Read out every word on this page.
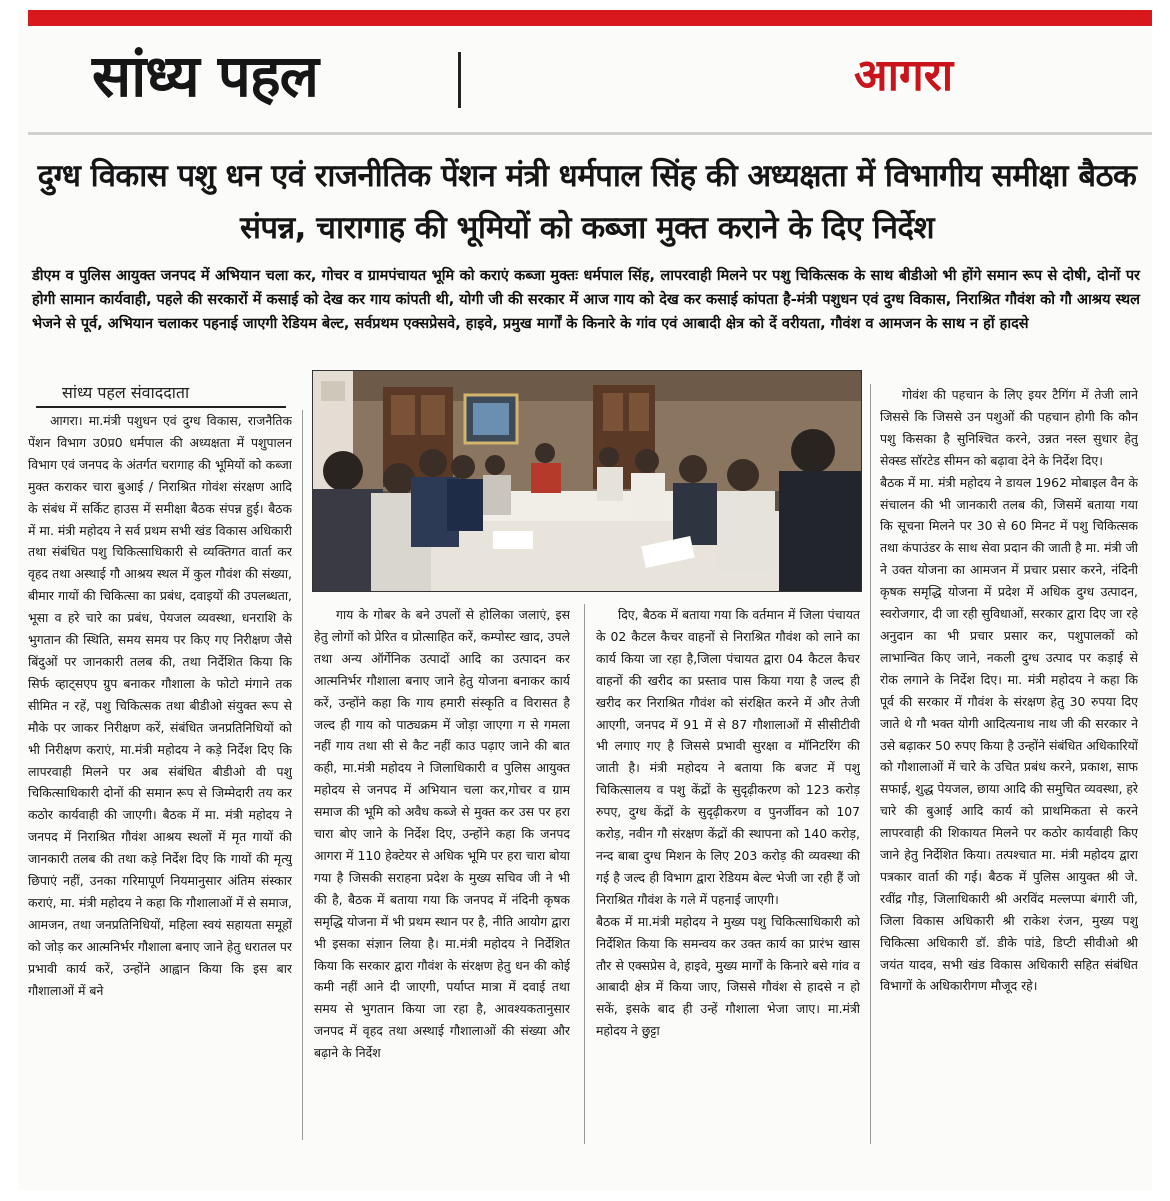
सांध्य पहल	आगरा
दुग्ध विकास पशु धन एवं राजनीतिक पेंशन मंत्री धर्मपाल सिंह की अध्यक्षता में विभागीय समीक्षा बैठक संपन्न, चारागाह की भूमियों को कब्जा मुक्त कराने के दिए निर्देश
डीएम व पुलिस आयुक्त जनपद में अभियान चला कर, गोचर व ग्रामपंचायत भूमि को कराएं कब्जा मुक्तः धर्मपाल सिंह, लापरवाही मिलने पर पशु चिकित्सक के साथ बीडीओ भी होंगे समान रूप से दोषी, दोनों पर होगी सामान कार्यवाही, पहले की सरकारों में कसाई को देख कर गाय कांपती थी, योगी जी की सरकार में आज गाय को देख कर कसाई कांपता है-मंत्री पशुधन एवं दुग्ध विकास, निराश्रित गौवंश को गौ आश्रय स्थल भेजने से पूर्व, अभियान चलाकर पहनाई जाएगी रेडियम बेल्ट, सर्वप्रथम एक्सप्रेसवे, हाइवे, प्रमुख मार्गों के किनारे के गांव एवं आबादी क्षेत्र को दें वरीयता, गौवंश व आमजन के साथ न हों हादसे
सांध्य पहल संवाददाता

आगरा। मा.मंत्री पशुधन एवं दुग्ध विकास, राजनैतिक पेंशन विभाग उ0प्र0 धर्मपाल की अध्यक्षता में पशुपालन विभाग एवं जनपद के अंतर्गत चरागाह की भूमियों को कब्जा मुक्त कराकर चारा बुआई / निराश्रित गोवंश संरक्षण आदि के संबंध में सर्किट हाउस में समीक्षा बैठक संपन्न हुई। बैठक में मा. मंत्री महोदय ने सर्व प्रथम सभी खंड विकास अधिकारी तथा संबंधित पशु चिकित्साधिकारी से व्यक्तिगत वार्ता कर वृहद तथा अस्थाई गौ आश्रय स्थल में कुल गौवंश की संख्या, बीमार गायों की चिकित्सा का प्रबंध, दवाइयों की उपलब्धता, भूसा व हरे चारे का प्रबंध, पेयजल व्यवस्था, धनराशि के भुगतान की स्थिति, समय समय पर किए गए निरीक्षण जैसे बिंदुओं पर जानकारी तलब की, तथा निर्देशित किया कि सिर्फ व्हाट्सएप ग्रुप बनाकर गौशाला के फोटो मंगाने तक सीमित न रहें, पशु चिकित्सक तथा बीडीओ संयुक्त रूप से मौके पर जाकर निरीक्षण करें, संबंधित जनप्रतिनिधियों को भी निरीक्षण कराएं, मा.मंत्री महोदय ने कड़े निर्देश दिए कि लापरवाही मिलने पर अब संबंधित बीडीओ वी पशु चिकित्साधिकारी दोनों की समान रूप से जिम्मेदारी तय कर कठोर कार्यवाही की जाएगी। बैठक में मा. मंत्री महोदय ने जनपद में निराश्रित गौवंश आश्रय स्थलों में मृत गायों की जानकारी तलब की तथा कड़े निर्देश दिए कि गायों की मृत्यु छिपाएं नहीं, उनका गरिमापूर्ण नियमानुसार अंतिम संस्कार कराएं, मा. मंत्री महोदय ने कहा कि गौशालाओं में से समाज, आमजन, तथा जनप्रतिनिधियों, महिला स्वयं सहायता समूहों को जोड़ कर आत्मनिर्भर गौशाला बनाए जाने हेतु धरातल पर प्रभावी कार्य करें, उन्होंने आह्वान किया कि इस बार गौशालाओं में बने

गाय के गोबर के बने उपलों से होलिका जलाएं, इस हेतु लोगों को प्रेरित व प्रोत्साहित करें, कम्पोस्ट खाद, उपले तथा अन्य ऑर्गेनिक उत्पादों आदि का उत्पादन कर आत्मनिर्भर गौशाला बनाए जाने हेतु योजना बनाकर कार्य करें, उन्होंने कहा कि गाय हमारी संस्कृति व विरासत है जल्द ही गाय को पाठ्यक्रम में जोड़ा जाएगा ग से गमला नहीं गाय तथा सी से कैट नहीं काउ पढ़ाए जाने की बात कही, मा.मंत्री महोदय ने जिलाधिकारी व पुलिस आयुक्त महोदय से जनपद में अभियान चला कर,गोचर व ग्राम समाज की भूमि को अवैध कब्जे से मुक्त कर उस पर हरा चारा बोए जाने के निर्देश दिए, उन्होंने कहा कि जनपद आगरा में 110 हेक्टेयर से अधिक भूमि पर हरा चारा बोया गया है जिसकी सराहना प्रदेश के मुख्य सचिव जी ने भी की है, बैठक में बताया गया कि जनपद में नंदिनी कृषक समृद्धि योजना में भी प्रथम स्थान पर है, नीति आयोग द्वारा भी इसका संज्ञान लिया है। मा.मंत्री महोदय ने निर्देशित किया कि सरकार द्वारा गौवंश के संरक्षण हेतु धन की कोई कमी नहीं आने दी जाएगी, पर्याप्त मात्रा में दवाई तथा समय से भुगतान किया जा रहा है, आवश्यकतानुसार जनपद में वृहद तथा अस्थाई गौशालाओं की संख्या और बढ़ाने के निर्देश

दिए, बैठक में बताया गया कि वर्तमान में जिला पंचायत के 02 कैटल कैचर वाहनों से निराश्रित गौवंश को लाने का कार्य किया जा रहा है,जिला पंचायत द्वारा 04 कैटल कैचर वाहनों की खरीद का प्रस्ताव पास किया गया है जल्द ही खरीद कर निराश्रित गौवंश को संरक्षित करने में और तेजी आएगी, जनपद में 91 में से 87 गौशालाओं में सीसीटीवी भी लगाए गए है जिससे प्रभावी सुरक्षा व मॉनिटरिंग की जाती है। मंत्री महोदय ने बताया कि बजट में पशु चिकित्सालय व पशु केंद्रों के सुदृढ़ीकरण को 123 करोड़ रुपए, दुग्ध केंद्रों के सुदृढ़ीकरण व पुनर्जीवन को 107 करोड़, नवीन गौ संरक्षण केंद्रों की स्थापना को 140 करोड़, नन्द बाबा दुग्ध मिशन के लिए 203 करोड़ की व्यवस्था की गई है जल्द ही विभाग द्वारा रेडियम बेल्ट भेजी जा रही हैं जो निराश्रित गौवंश के गले में पहनाई जाएगी।
बैठक में मा.मंत्री महोदय ने मुख्य पशु चिकित्साधिकारी को निर्देशित किया कि समन्वय कर उक्त कार्य का प्रारंभ खास तौर से एक्सप्रेस वे, हाइवे, मुख्य मार्गों के किनारे बसे गांव व आबादी क्षेत्र में किया जाए, जिससे गौवंश से हादसे न हो सकें, इसके बाद ही उन्हें गौशाला भेजा जाए। मा.मंत्री महोदय ने छुट्टा

गोवंश की पहचान के लिए इयर टैगिंग में तेजी लाने जिससे कि जिससे उन पशुओं की पहचान होगी कि कौन पशु किसका है सुनिश्चित करने, उन्नत नस्ल सुधार हेतु सेक्स्ड सॉरटेड सीमन को बढ़ावा देने के निर्देश दिए।
बैठक में मा. मंत्री महोदय ने डायल 1962 मोबाइल वैन के संचालन की भी जानकारी तलब की, जिसमें बताया गया कि सूचना मिलने पर 30 से 60 मिनट में पशु चिकित्सक तथा कंपाउंडर के साथ सेवा प्रदान की जाती है मा. मंत्री जी ने उक्त योजना का आमजन में प्रचार प्रसार करने, नंदिनी कृषक समृद्धि योजना में प्रदेश में अधिक दुग्ध उत्पादन, स्वरोजगार, दी जा रही सुविधाओं, सरकार द्वारा दिए जा रहे अनुदान का भी प्रचार प्रसार कर, पशुपालकों को लाभान्वित किए जाने, नकली दुग्ध उत्पाद पर कड़ाई से रोक लगाने के निर्देश दिए। मा. मंत्री महोदय ने कहा कि पूर्व की सरकार में गौवंश के संरक्षण हेतु 30 रुपया दिए जाते थे गौ भक्त योगी आदित्यनाथ नाथ जी की सरकार ने उसे बढ़ाकर 50 रुपए किया है उन्होंने संबंधित अधिकारियों को गौशालाओं में चारे के उचित प्रबंध करने, प्रकाश, साफ सफाई, शुद्ध पेयजल, छाया आदि की समुचित व्यवस्था, हरे चारे की बुआई आदि कार्य को प्राथमिकता से करने लापरवाही की शिकायत मिलने पर कठोर कार्यवाही किए जाने हेतु निर्देशित किया। तत्पश्चात मा. मंत्री महोदय द्वारा पत्रकार वार्ता की गई। बैठक में पुलिस आयुक्त श्री जे. रवींद्र गौड़, जिलाधिकारी श्री अरविंद मल्लप्पा बंगारी जी, जिला विकास अधिकारी श्री राकेश रंजन, मुख्य पशु चिकित्सा अधिकारी डॉ. डीके पांडे, डिप्टी सीवीओ श्री जयंत यादव, सभी खंड विकास अधिकारी सहित संबंधित विभागों के अधिकारीगण मौजूद रहे।
